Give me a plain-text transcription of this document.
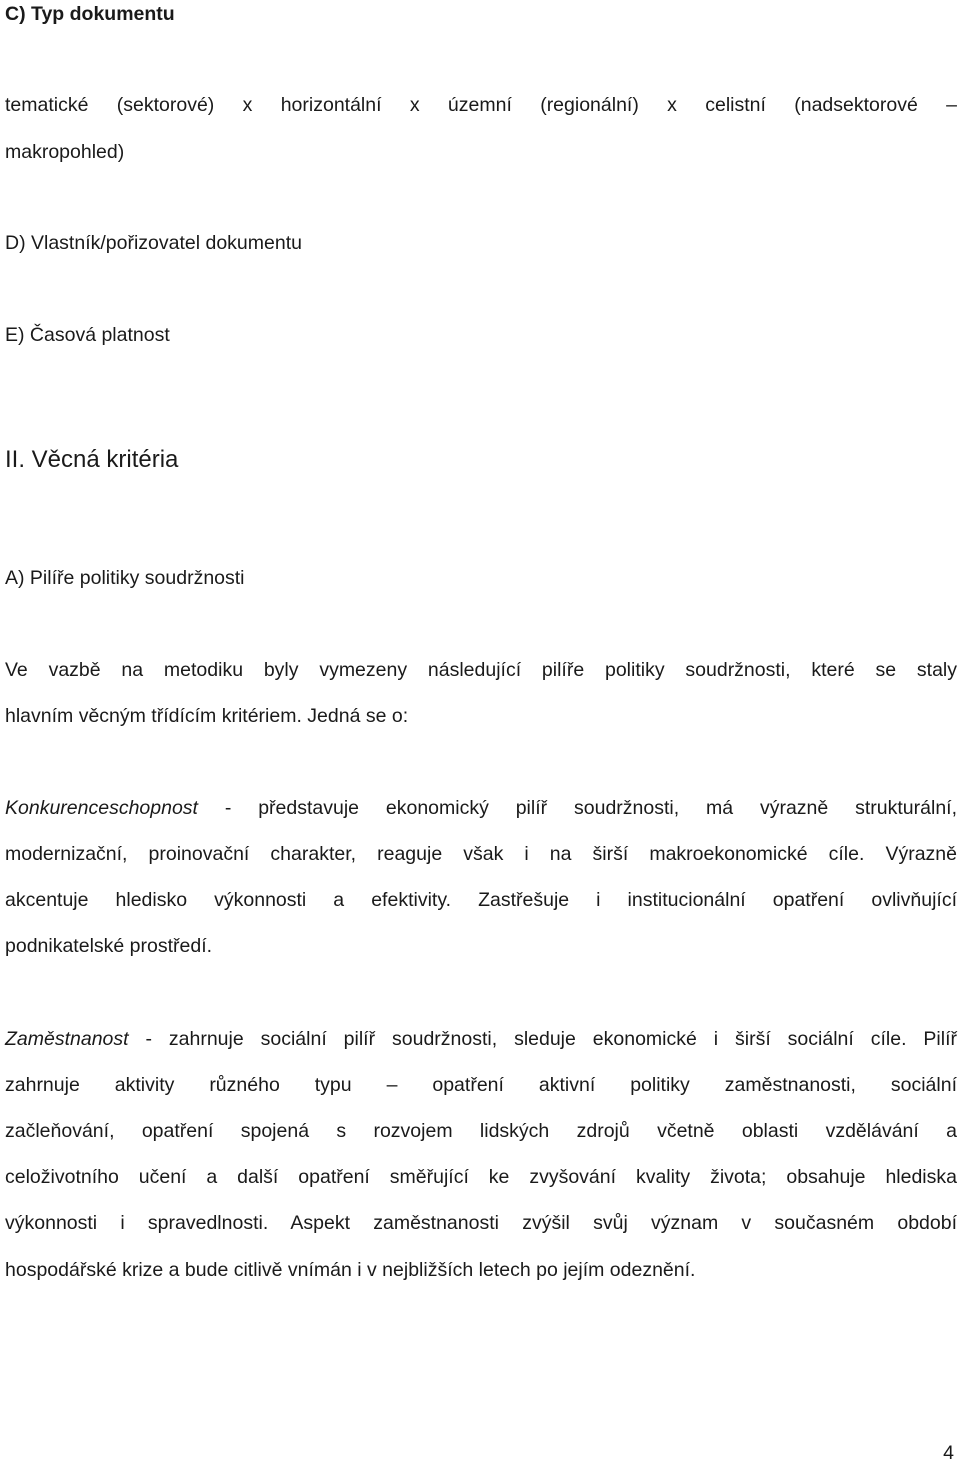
C) Typ dokumentu

tematické (sektorové) x horizontální x územní (regionální) x celistní (nadsektorové –

makropohled)

D) Vlastník/pořizovatel dokumentu

E) Časová platnost

II. Věcná kritéria

A) Pilíře politiky soudržnosti

Ve vazbě na metodiku byly vymezeny následující pilíře politiky soudržnosti, které se staly

hlavním věcným třídícím kritériem. Jedná se o:

Konkurenceschopnost - představuje ekonomický pilíř soudržnosti, má výrazně strukturální,

modernizační, proinovační charakter, reaguje však i na širší makroekonomické cíle. Výrazně

akcentuje hledisko výkonnosti a efektivity. Zastřešuje i institucionální opatření ovlivňující

podnikatelské prostředí.

Zaměstnanost - zahrnuje sociální pilíř soudržnosti, sleduje ekonomické i širší sociální cíle. Pilíř

zahrnuje aktivity různého typu – opatření aktivní politiky zaměstnanosti, sociální

začleňování, opatření spojená s rozvojem lidských zdrojů včetně oblasti vzdělávání a

celoživotního učení a další opatření směřující ke zvyšování kvality života; obsahuje hlediska

výkonnosti i spravedlnosti. Aspekt zaměstnanosti zvýšil svůj význam v současném období

hospodářské krize a bude citlivě vnímán i v nejbližších letech po jejím odeznění.

4
